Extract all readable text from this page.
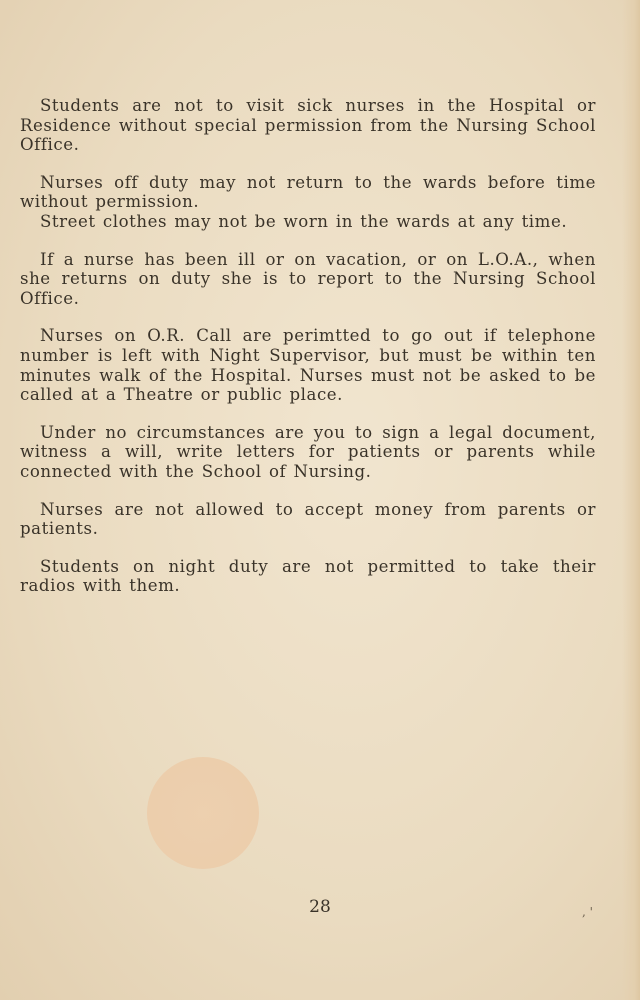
Students are not to visit sick nurses in the Hospital or Residence without special permission from the Nursing School Office.

Nurses off duty may not return to the wards before time without permission.

Street clothes may not be worn in the wards at any time.

If a nurse has been ill or on vacation, or on L.O.A., when she returns on duty she is to report to the Nursing School Office.

Nurses on O.R. Call are perimtted to go out if telephone number is left with Night Supervisor, but must be within ten minutes walk of the Hospital. Nurses must not be asked to be called at a Theatre or public place.

Under no circumstances are you to sign a legal document, witness a will, write letters for patients or parents while connected with the School of Nursing.

Nurses are not allowed to accept money from parents or patients.

Students on night duty are not permitted to take their radios with them.

28	, '
